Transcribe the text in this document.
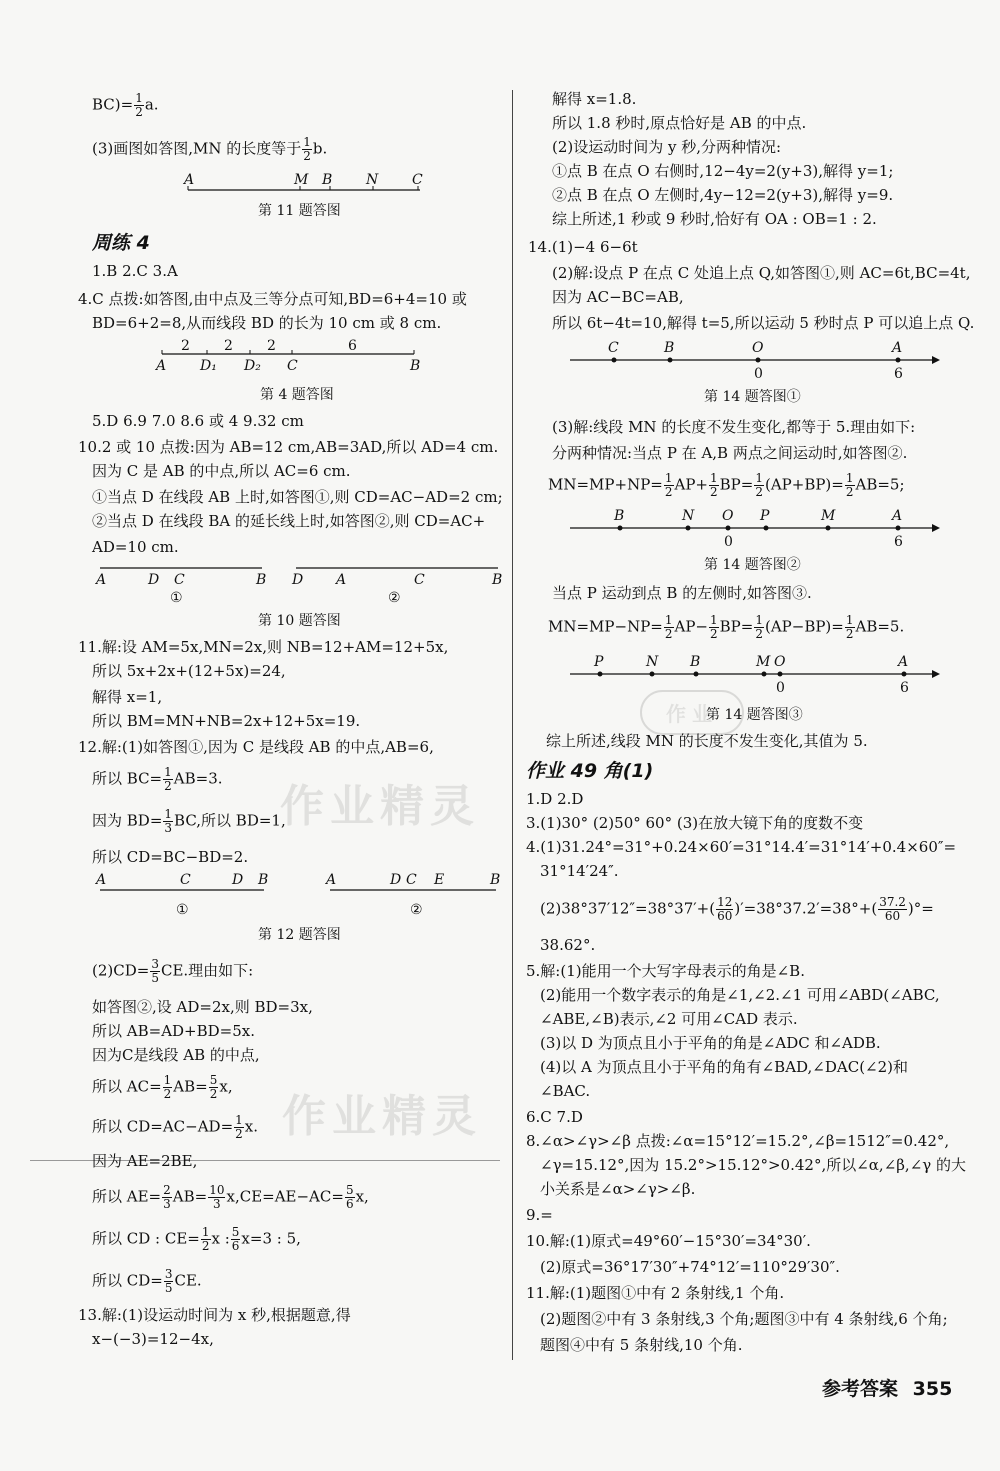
$BC)= \frac{1}{2} a$.
(3)画图如答图,MN 的长度等于 $\frac{1}{2} b$.
A	M B N C
第 11 题答图
周练 4
1.B 2.C 3.A
4.C 点拨:如答图,由中点及三等分点可知,BD=6+4=10 或
BD=6+2=8,从而线段 BD 的长为 10 cm 或 8 cm.
2 2 2	6
A D₁ D₂ C	B
第 4 题答图
5.D 6.9 7.0 8.6 或 4 9.32 cm
10.2 或 10 点拨:因为 AB=12 cm,AB=3AD,所以 AD=4 cm.
因为 C 是 AB 的中点,所以 AC=6 cm.
①当点 D 在线段 AB 上时,如答图①,则 CD=AC−AD=2 cm;
②当点 D 在线段 BA 的延长线上时,如答图②,则 CD=AC+
AD=10 cm.
A	D C	B
①
D A	C	B
②
第 10 题答图
11.解:设 AM=5x,MN=2x,则 NB=12+AM=12+5x,
所以 5x+2x+(12+5x)=24,
解得 x=1,
所以 BM=MN+NB=2x+12+5x=19.
12.解:(1)如答图①,因为 C 是线段 AB 的中点,AB=6,
所以 $BC= \frac{1}{2} AB=3$.
因为 $BD= \frac{1}{3}$ BC,所以 BD=1,
所以 CD=BC−BD=2.
A	C	D B
①
A	D C E	B
②
第 12 题答图
$(2)CD= \frac{3}{5}$ CE.理由如下:
如答图②,设 AD=2x,则 BD=3x,
所以 AB=AD+BD=5x.
因为C是线段 AB 的中点,
所以 $AC= \frac{1}{2} AB= \frac{5}{2} x$,
所以 $CD=AC-AD= \frac{1}{2} x$.
因为 AE=2BE,
所以 $AE= \frac{2}{3} AB= \frac{10}{3} x,CE=AE-AC= \frac{5}{6} x$,
所以 CD : $CE= \frac{1}{2}$ x : $\frac{5}{6} x=3$ : 5,
所以 $CD= \frac{3}{5}$ CE.
13.解:(1)设运动时间为 x 秒,根据题意,得
x−(−3)=12−4x,
解得 x=1.8.
所以 1.8 秒时,原点恰好是 AB 的中点.
(2)设运动时间为 y 秒,分两种情况:
①点 B 在点 O 右侧时,12−4y=2(y+3),解得 y=1;
②点 B 在点 O 左侧时,4y−12=2(y+3),解得 y=9.
综上所述,1 秒或 9 秒时,恰好有 OA : OB=1 : 2.
14.(1)−4 6−6t
(2)解:设点 P 在点 C 处追上点 Q,如答图①,则 AC=6t,BC=4t,
因为 AC−BC=AB,
所以 6t−4t=10,解得 t=5,所以运动 5 秒时点 P 可以追上点 Q.
C	B	O	A
0	6
第 14 题答图①
(3)解:线段 MN 的长度不发生变化,都等于 5.理由如下:
分两种情况:当点 P 在 A,B 两点之间运动时,如答图②.
$MN=MP+NP= \frac{1}{2} AP+ \frac{1}{2} BP= \frac{1}{2} (AP+BP)= \frac{1}{2} AB=5$;
B	N O P	M	A
0	6
第 14 题答图②
当点 P 运动到点 B 的左侧时,如答图③.
$MN=MP-NP= \frac{1}{2} AP- \frac{1}{2} BP= \frac{1}{2} (AP-BP)= \frac{1}{2} AB=5$.
P	N B	M O	A
0	6
第 14 题答图③
综上所述,线段 MN 的长度不发生变化,其值为 5.
作业 49 角(1)
1.D 2.D
3.(1)30° (2)50° 60° (3)在放大镜下角的度数不变
4.(1)31.24°=31°+0.24×60′=31°14.4′=31°14′+0.4×60″=
31°14′24″.
$(2)38^\circ 37'12''=38^\circ 37'+( \frac{12}{60} )'=38^\circ 37.2'=38^\circ+( \frac{37.2}{60}$ )°=
38.62°.
5.解:(1)能用一个大写字母表示的角是∠B.
(2)能用一个数字表示的角是∠1,∠2.∠1 可用∠ABD(∠ABC,
∠ABE,∠B)表示,∠2 可用∠CAD 表示.
(3)以 D 为顶点且小于平角的角是∠ADC 和∠ADB.
(4)以 A 为顶点且小于平角的角有∠BAD,∠DAC(∠2)和
∠BAC.
6.C 7.D
8.∠α>∠γ>∠β 点拨:∠α=15°12′=15.2°,∠β=1512″=0.42°,
∠γ=15.12°,因为 15.2°>15.12°>0.42°,所以∠α,∠β,∠γ 的大
小关系是∠α>∠γ>∠β.
9.=
10.解:(1)原式=49°60′−15°30′=34°30′.
(2)原式=36°17′30″+74°12′=110°29′30″.
11.解:(1)题图①中有 2 条射线,1 个角.
(2)题图②中有 3 条射线,3 个角;题图③中有 4 条射线,6 个角;
题图④中有 5 条射线,10 个角.
作业精灵
作业精灵
作业
参考答案 355
